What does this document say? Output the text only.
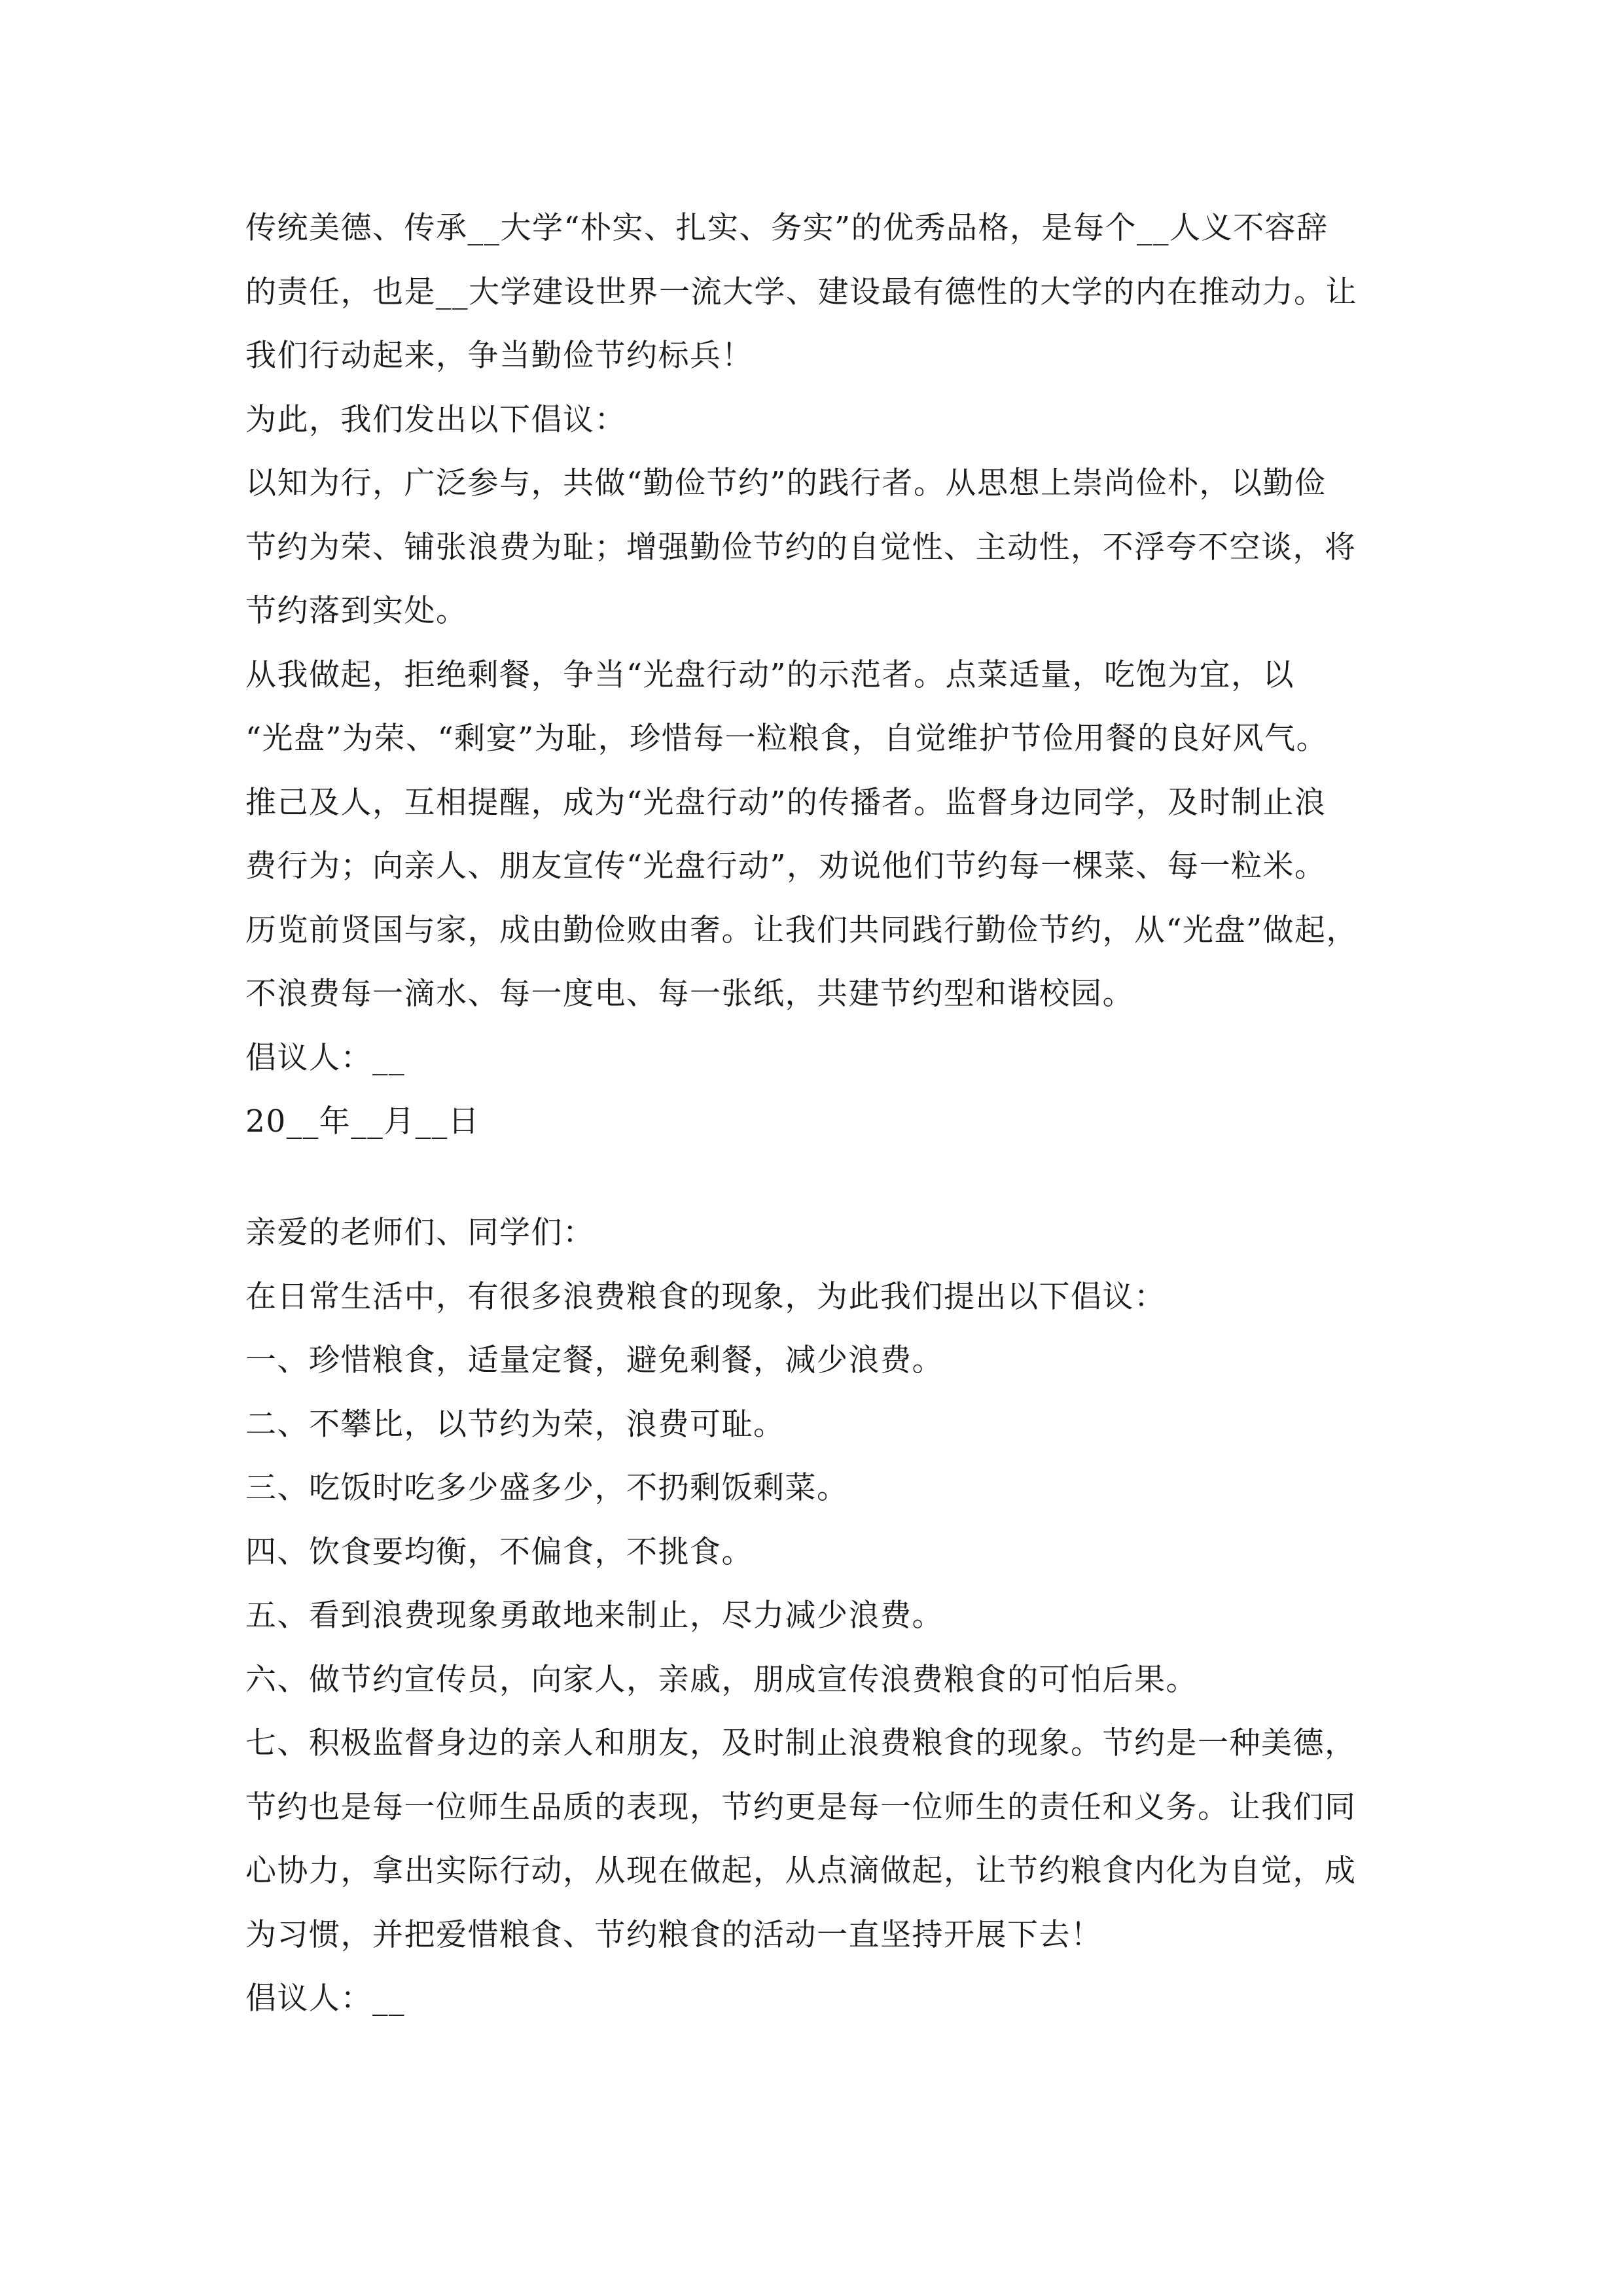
传统美德、传承__大学“朴实、扎实、务实”的优秀品格，是每个__人义不容辞
的责任，也是__大学建设世界一流大学、建设最有德性的大学的内在推动力。让
我们行动起来，争当勤俭节约标兵！
为此，我们发出以下倡议：
以知为行，广泛参与，共做“勤俭节约”的践行者。从思想上崇尚俭朴，以勤俭
节约为荣、铺张浪费为耻；增强勤俭节约的自觉性、主动性，不浮夸不空谈，将
节约落到实处。
从我做起，拒绝剩餐，争当“光盘行动”的示范者。点菜适量，吃饱为宜，以
“光盘”为荣、“剩宴”为耻，珍惜每一粒粮食，自觉维护节俭用餐的良好风气。
推己及人，互相提醒，成为“光盘行动”的传播者。监督身边同学，及时制止浪
费行为；向亲人、朋友宣传“光盘行动”，劝说他们节约每一棵菜、每一粒米。
历览前贤国与家，成由勤俭败由奢。让我们共同践行勤俭节约，从“光盘”做起，
不浪费每一滴水、每一度电、每一张纸，共建节约型和谐校园。
倡议人：__
20__年__月__日
亲爱的老师们、同学们：
在日常生活中，有很多浪费粮食的现象，为此我们提出以下倡议：
一、珍惜粮食，适量定餐，避免剩餐，减少浪费。
二、不攀比，以节约为荣，浪费可耻。
三、吃饭时吃多少盛多少，不扔剩饭剩菜。
四、饮食要均衡，不偏食，不挑食。
五、看到浪费现象勇敢地来制止，尽力减少浪费。
六、做节约宣传员，向家人，亲戚，朋成宣传浪费粮食的可怕后果。
七、积极监督身边的亲人和朋友，及时制止浪费粮食的现象。节约是一种美德，
节约也是每一位师生品质的表现，节约更是每一位师生的责任和义务。让我们同
心协力，拿出实际行动，从现在做起，从点滴做起，让节约粮食内化为自觉，成
为习惯，并把爱惜粮食、节约粮食的活动一直坚持开展下去！
倡议人：__
